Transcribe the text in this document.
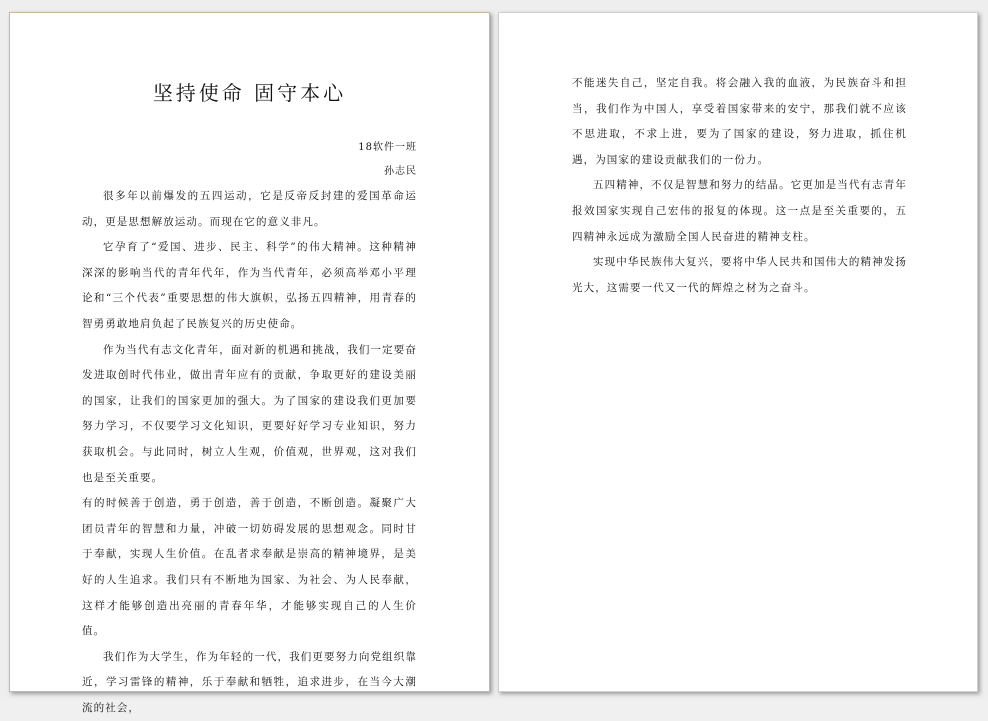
坚持使命 固守本心
18软件一班
孙志民

很多年以前爆发的五四运动，它是反帝反封建的爱国革命运动，更是思想解放运动。而现在它的意义非凡。

它孕育了“爱国、进步、民主、科学”的伟大精神。这种精神深深的影响当代的青年代年，作为当代青年，必须高举邓小平理论和“三个代表”重要思想的伟大旗帜，弘扬五四精神，用青春的智勇勇敢地肩负起了民族复兴的历史使命。

作为当代有志文化青年，面对新的机遇和挑战，我们一定要奋发进取创时代伟业，做出青年应有的贡献，争取更好的建设美丽的国家，让我们的国家更加的强大。为了国家的建设我们更加要努力学习，不仅要学习文化知识，更要好好学习专业知识，努力获取机会。与此同时，树立人生观，价值观，世界观，这对我们也是至关重要。

有的时候善于创造，勇于创造，善于创造，不断创造。凝聚广大团员青年的智慧和力量，冲破一切妨碍发展的思想观念。同时甘于奉献，实现人生价值。在乱者求奉献是崇高的精神境界，是美好的人生追求。我们只有不断地为国家、为社会、为人民奉献，这样才能够创造出亮丽的青春年华，才能够实现自己的人生价值。

我们作为大学生，作为年轻的一代，我们更要努力向党组织靠近，学习雷锋的精神，乐于奉献和牺牲，追求进步，在当今大潮流的社会，

不能迷失自己，坚定自我。将会融入我的血液，为民族奋斗和担当，我们作为中国人，享受着国家带来的安宁，那我们就不应该不思进取，不求上进，要为了国家的建设，努力进取，抓住机遇，为国家的建设贡献我们的一份力。

五四精神，不仅是智慧和努力的结晶。它更加是当代有志青年报效国家实现自己宏伟的报复的体现。这一点是至关重要的，五四精神永远成为激励全国人民奋进的精神支柱。

实现中华民族伟大复兴，要将中华人民共和国伟大的精神发扬光大，这需要一代又一代的辉煌之材为之奋斗。
